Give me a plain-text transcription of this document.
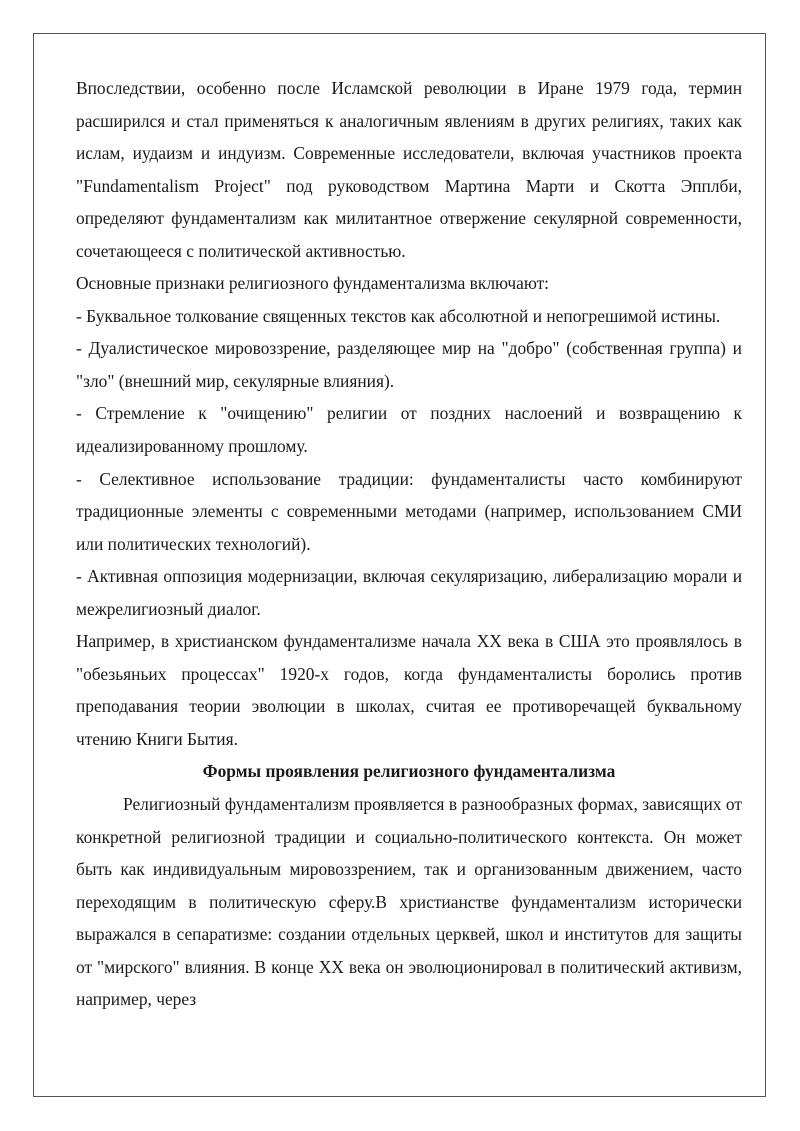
Впоследствии, особенно после Исламской революции в Иране 1979 года, термин расширился и стал применяться к аналогичным явлениям в других религиях, таких как ислам, иудаизм и индуизм. Современные исследователи, включая участников проекта "Fundamentalism Project" под руководством Мартина Марти и Скотта Эпплби, определяют фундаментализм как милитантное отвержение секулярной современности, сочетающееся с политической активностью.

Основные признаки религиозного фундаментализма включают:

- Буквальное толкование священных текстов как абсолютной и непогрешимой истины.

- Дуалистическое мировоззрение, разделяющее мир на "добро" (собственная группа) и "зло" (внешний мир, секулярные влияния).

- Стремление к "очищению" религии от поздних наслоений и возвращению к идеализированному прошлому.

- Селективное использование традиции: фундаменталисты часто комбинируют традиционные элементы с современными методами (например, использованием СМИ или политических технологий).

- Активная оппозиция модернизации, включая секуляризацию, либерализацию морали и межрелигиозный диалог.

Например, в христианском фундаментализме начала XX века в США это проявлялось в "обезьяньих процессах" 1920-х годов, когда фундаменталисты боролись против преподавания теории эволюции в школах, считая ее противоречащей буквальному чтению Книги Бытия.

Формы проявления религиозного фундаментализма

Религиозный фундаментализм проявляется в разнообразных формах, зависящих от конкретной религиозной традиции и социально-политического контекста. Он может быть как индивидуальным мировоззрением, так и организованным движением, часто переходящим в политическую сферу.В христианстве фундаментализм исторически выражался в сепаратизме: создании отдельных церквей, школ и институтов для защиты от "мирского" влияния. В конце XX века он эволюционировал в политический активизм, например, через
